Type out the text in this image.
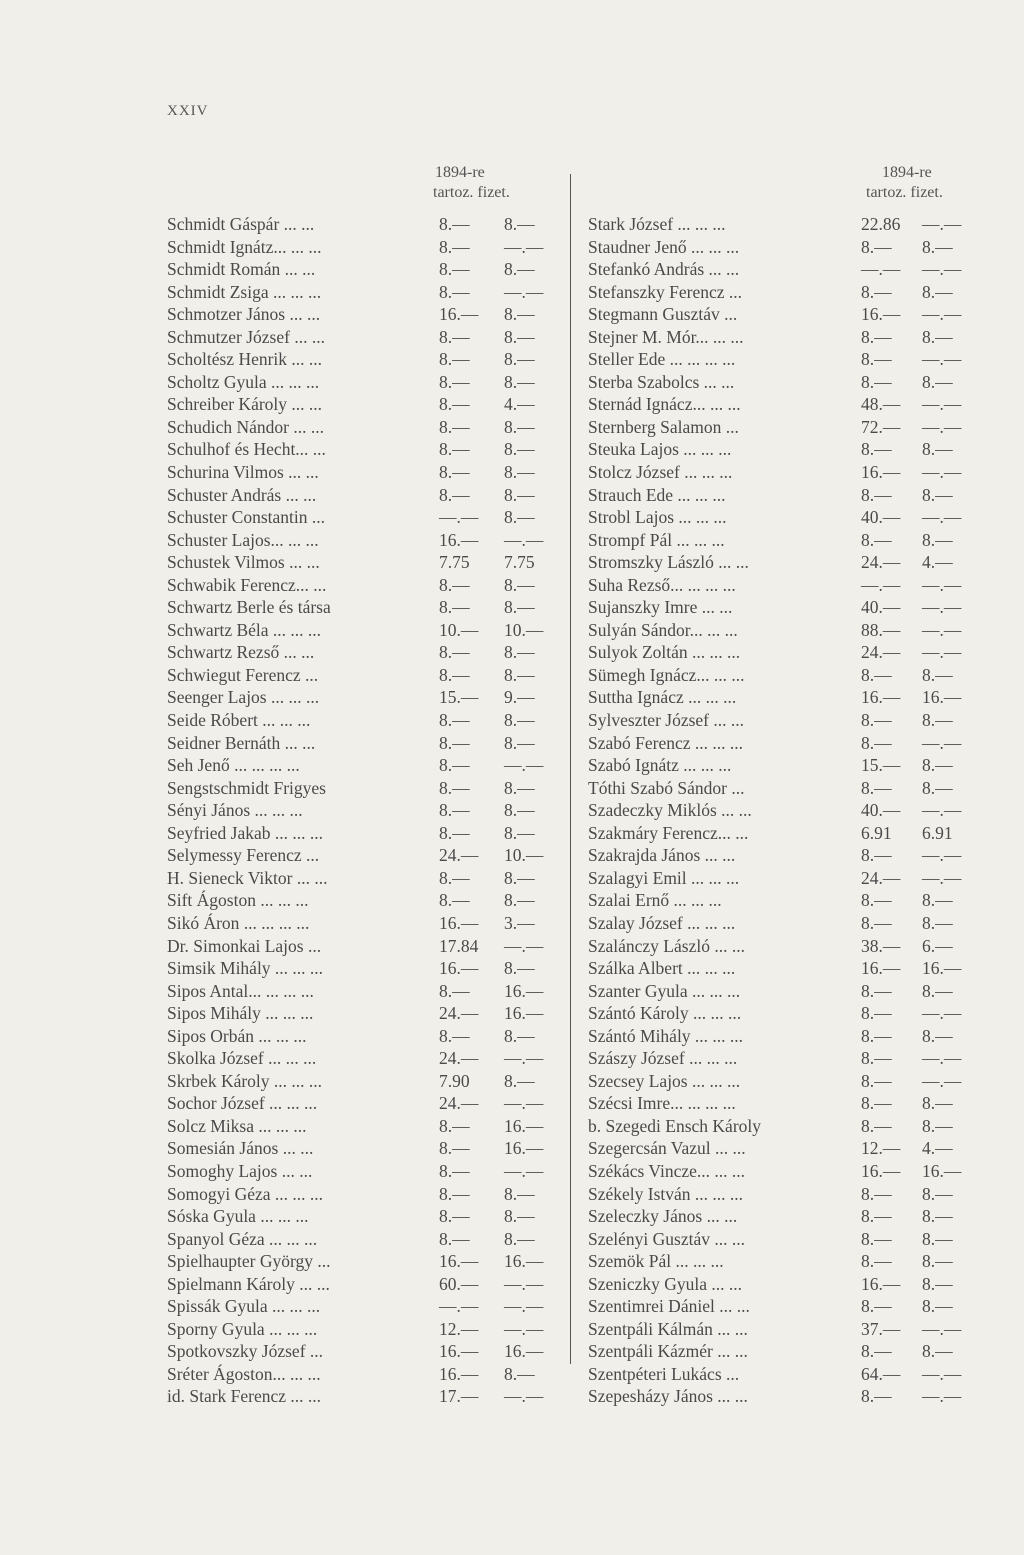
XXIV
1894-re
tartoz. fizet.
Schmidt Gáspár ... ...	8.— 8.—
Schmidt Ignátz... ... ...	8.— —.—
Schmidt Román ... ...	8.— 8.—
Schmidt Zsiga ... ... ...	8.— —.—
Schmotzer János ... ...	16.— 8.—
Schmutzer József ... ...	8.— 8.—
Scholtész Henrik ... ...	8.— 8.—
Scholtz Gyula ... ... ...	8.— 8.—
Schreiber Károly ... ...	8.— 4.—
Schudich Nándor ... ...	8.— 8.—
Schulhof és Hecht... ...	8.— 8.—
Schurina Vilmos ... ...	8.— 8.—
Schuster András ... ...	8.— 8.—
Schuster Constantin ...	—.— 8.—
Schuster Lajos... ... ...	16.— —.—
Schustek Vilmos ... ...	7.75 7.75
Schwabik Ferencz... ...	8.— 8.—
Schwartz Berle és társa	8.— 8.—
Schwartz Béla ... ... ...	10.— 10.—
Schwartz Rezső ... ...	8.— 8.—
Schwiegut Ferencz ...	8.— 8.—
Seenger Lajos ... ... ...	15.— 9.—
Seide Róbert ... ... ...	8.— 8.—
Seidner Bernáth ... ...	8.— 8.—
Seh Jenő ... ... ... ...	8.— —.—
Sengstschmidt Frigyes	8.— 8.—
Sényi János ... ... ...	8.— 8.—
Seyfried Jakab ... ... ...	8.— 8.—
Selymessy Ferencz ...	24.— 10.—
H. Sieneck Viktor ... ...	8.— 8.—
Sift Ágoston ... ... ...	8.— 8.—
Sikó Áron ... ... ... ...	16.— 3.—
Dr. Simonkai Lajos ...	17.84 —.—
Simsik Mihály ... ... ...	16.— 8.—
Sipos Antal... ... ... ...	8.— 16.—
Sipos Mihály ... ... ...	24.— 16.—
Sipos Orbán ... ... ...	8.— 8.—
Skolka József ... ... ...	24.— —.—
Skrbek Károly ... ... ...	7.90 8.—
Sochor József ... ... ...	24.— —.—
Solcz Miksa ... ... ...	8.— 16.—
Somesián János ... ...	8.— 16.—
Somoghy Lajos ... ...	8.— —.—
Somogyi Géza ... ... ...	8.— 8.—
Sóska Gyula ... ... ...	8.— 8.—
Spanyol Géza ... ... ...	8.— 8.—
Spielhaupter György ...	16.— 16.—
Spielmann Károly ... ...	60.— —.—
Spissák Gyula ... ... ...	—.— —.—
Sporny Gyula ... ... ...	12.— —.—
Spotkovszky József ...	16.— 16.—
Sréter Ágoston... ... ...	16.— 8.—
id. Stark Ferencz ... ...	17.— —.—
1894-re
tartoz. fizet.
Stark József ... ... ...	22.86 —.—
Staudner Jenő ... ... ...	8.— 8.—
Stefankó András ... ...	—.— —.—
Stefanszky Ferencz ...	8.— 8.—
Stegmann Gusztáv ...	16.— —.—
Stejner M. Mór... ... ...	8.— 8.—
Steller Ede ... ... ... ...	8.— —.—
Sterba Szabolcs ... ...	8.— 8.—
Sternád Ignácz... ... ...	48.— —.—
Sternberg Salamon ...	72.— —.—
Steuka Lajos ... ... ...	8.— 8.—
Stolcz József ... ... ...	16.— —.—
Strauch Ede ... ... ...	8.— 8.—
Strobl Lajos ... ... ...	40.— —.—
Strompf Pál ... ... ...	8.— 8.—
Stromszky László ... ...	24.— 4.—
Suha Rezső... ... ... ...	—.— —.—
Sujanszky Imre ... ...	40.— —.—
Sulyán Sándor... ... ...	88.— —.—
Sulyok Zoltán ... ... ...	24.— —.—
Sümegh Ignácz... ... ...	8.— 8.—
Suttha Ignácz ... ... ...	16.— 16.—
Sylveszter József ... ...	8.— 8.—
Szabó Ferencz ... ... ...	8.— —.—
Szabó Ignátz ... ... ...	15.— 8.—
Tóthi Szabó Sándor ...	8.— 8.—
Szadeczky Miklós ... ...	40.— —.—
Szakmáry Ferencz... ...	6.91 6.91
Szakrajda János ... ...	8.— —.—
Szalagyi Emil ... ... ...	24.— —.—
Szalai Ernő ... ... ...	8.— 8.—
Szalay József ... ... ...	8.— 8.—
Szalánczy László ... ...	38.— 6.—
Szálka Albert ... ... ...	16.— 16.—
Szanter Gyula ... ... ...	8.— 8.—
Szántó Károly ... ... ...	8.— —.—
Szántó Mihály ... ... ...	8.— 8.—
Szászy József ... ... ...	8.— —.—
Szecsey Lajos ... ... ...	8.— —.—
Szécsi Imre... ... ... ...	8.— 8.—
b. Szegedi Ensch Károly	8.— 8.—
Szegercsán Vazul ... ...	12.— 4.—
Székács Vincze... ... ...	16.— 16.—
Székely István ... ... ...	8.— 8.—
Szeleczky János ... ...	8.— 8.—
Szelényi Gusztáv ... ...	8.— 8.—
Szemök Pál ... ... ...	8.— 8.—
Szeniczky Gyula ... ...	16.— 8.—
Szentimrei Dániel ... ...	8.— 8.—
Szentpáli Kálmán ... ...	37.— —.—
Szentpáli Kázmér ... ...	8.— 8.—
Szentpéteri Lukács ...	64.— —.—
Szepesházy János ... ...	8.— —.—
